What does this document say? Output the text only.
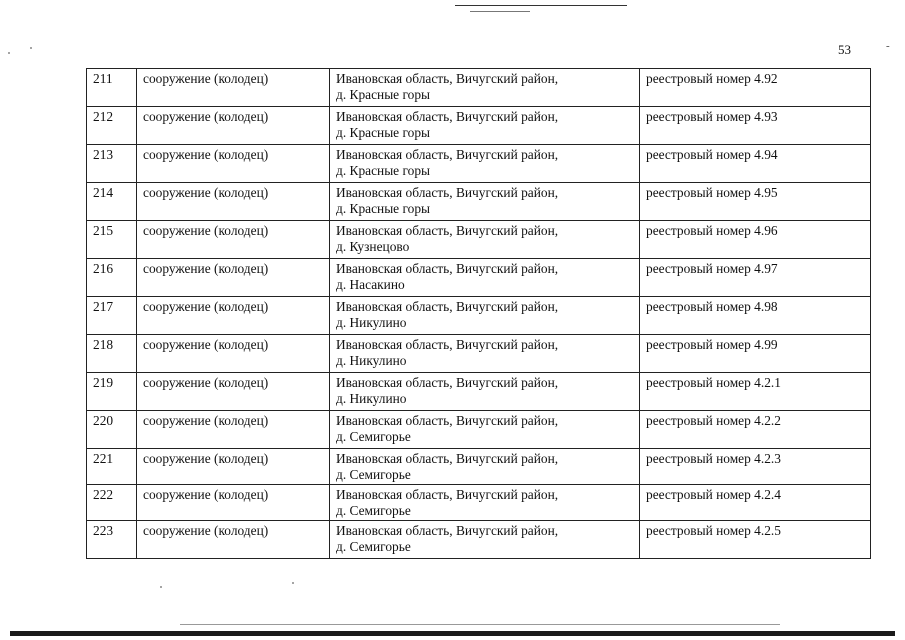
53	-
211	сооружение (колодец)	Ивановская область, Вичугский район,
д. Красные горы	реестровый номер 4.92
212	сооружение (колодец)	Ивановская область, Вичугский район,
д. Красные горы	реестровый номер 4.93
213	сооружение (колодец)	Ивановская область, Вичугский район,
д. Красные горы	реестровый номер 4.94
214	сооружение (колодец)	Ивановская область, Вичугский район,
д. Красные горы	реестровый номер 4.95
215	сооружение (колодец)	Ивановская область, Вичугский район,
д. Кузнецово	реестровый номер 4.96
216	сооружение (колодец)	Ивановская область, Вичугский район,
д. Насакино	реестровый номер 4.97
217	сооружение (колодец)	Ивановская область, Вичугский район,
д. Никулино	реестровый номер 4.98
218	сооружение (колодец)	Ивановская область, Вичугский район,
д. Никулино	реестровый номер 4.99
219	сооружение (колодец)	Ивановская область, Вичугский район,
д. Никулино	реестровый номер 4.2.1
220	сооружение (колодец)	Ивановская область, Вичугский район,
д. Семигорье	реестровый номер 4.2.2
221	сооружение (колодец)	Ивановская область, Вичугский район,
д. Семигорье	реестровый номер 4.2.3
222	сооружение (колодец)	Ивановская область, Вичугский район,
д. Семигорье	реестровый номер 4.2.4
223	сооружение (колодец)	Ивановская область, Вичугский район,
д. Семигорье	реестровый номер 4.2.5
